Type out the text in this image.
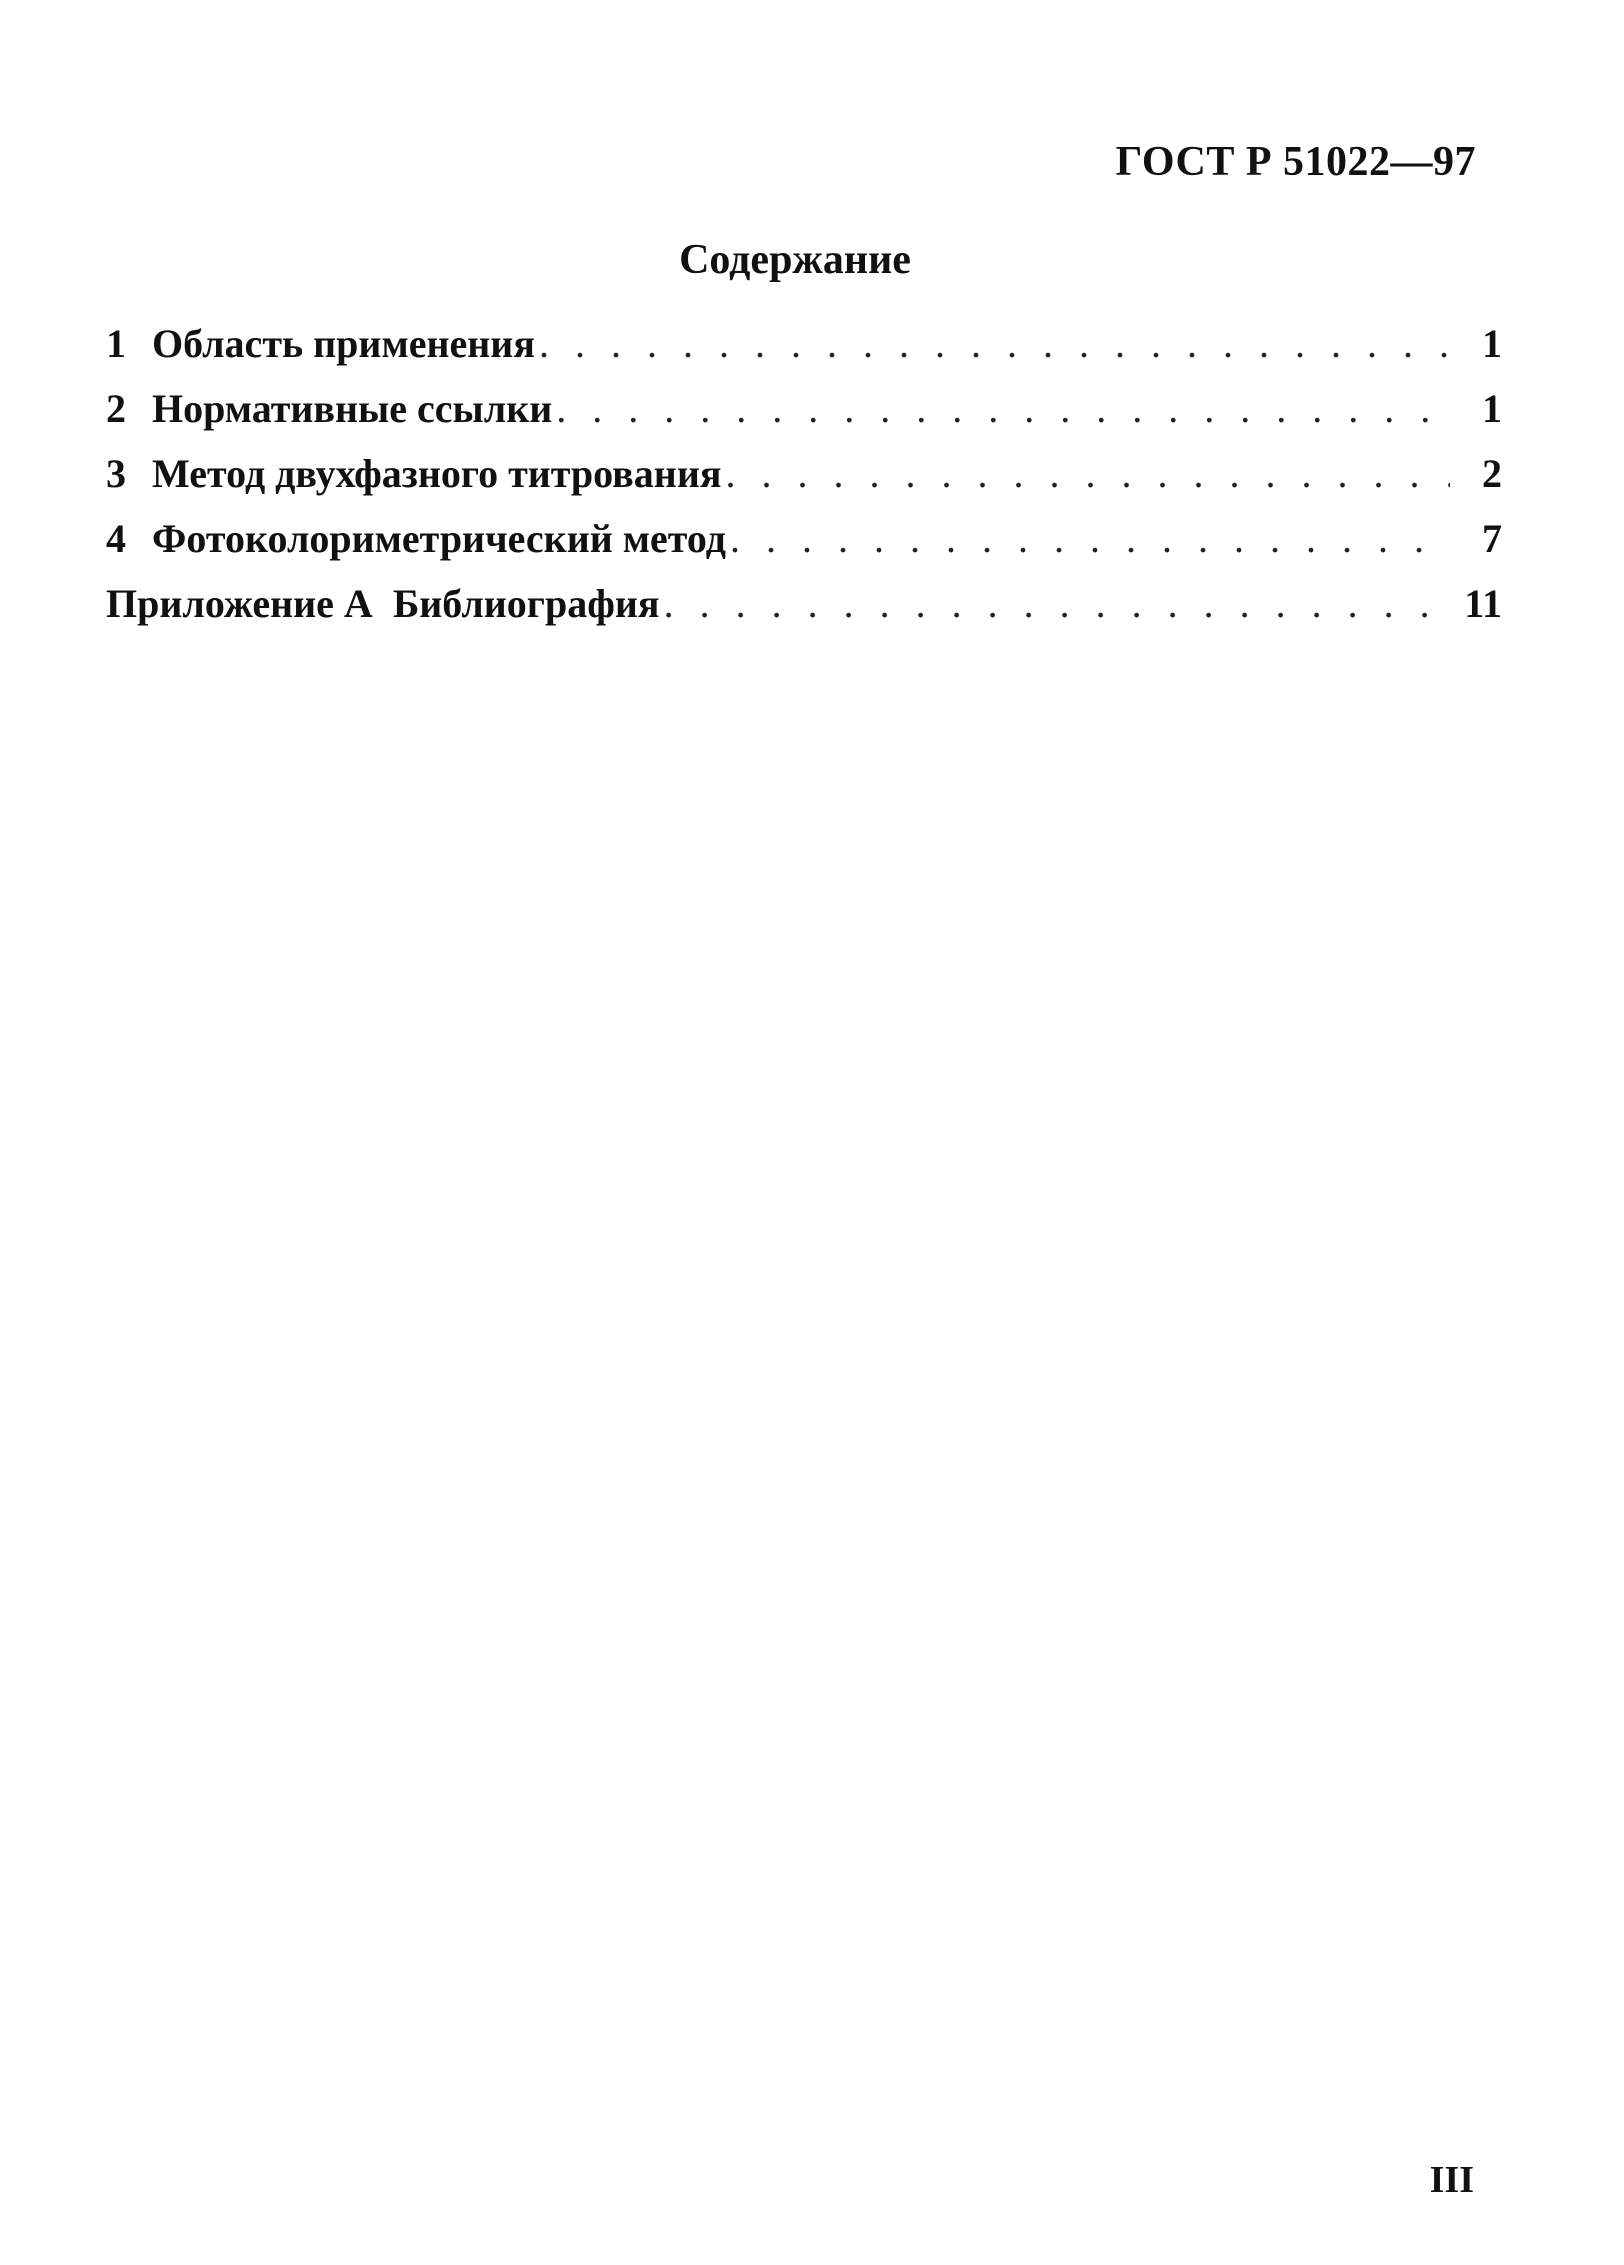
ГОСТ Р 51022—97
Содержание
1 Область применения . . .	1
2 Нормативные ссылки . . .	1
3 Метод двухфазного титрования . . .	2
4 Фотоколориметрический метод . . .	7
Приложение А  Библиография . . .	11
III
